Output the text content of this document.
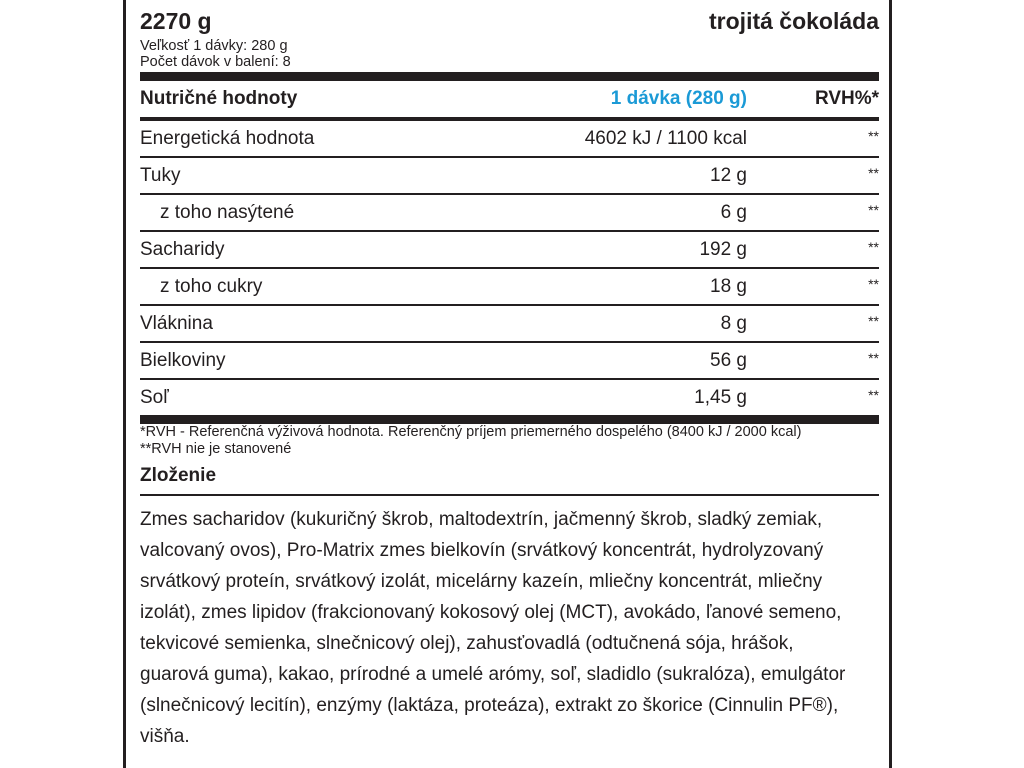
2270 g	trojitá čokoláda
Veľkosť 1 dávky: 280 g
Počet dávok v balení: 8
Nutričné hodnoty	1 dávka (280 g)	RVH%*
Energetická hodnota	4602 kJ / 1100 kcal	**
Tuky	12 g	**
z toho nasýtené	6 g	**
Sacharidy	192 g	**
z toho cukry	18 g	**
Vláknina	8 g	**
Bielkoviny	56 g	**
Soľ	1,45 g	**
*RVH - Referenčná výživová hodnota. Referenčný príjem priemerného dospelého (8400 kJ / 2000 kcal)
**RVH nie je stanovené
Zloženie
Zmes sacharidov (kukuričný škrob, maltodextrín, jačmenný škrob, sladký zemiak, valcovaný ovos), Pro-Matrix zmes bielkovín (srvátkový koncentrát, hydrolyzovaný srvátkový proteín, srvátkový izolát, micelárny kazeín, mliečny koncentrát, mliečny izolát), zmes lipidov (frakcionovaný kokosový olej (MCT), avokádo, ľanové semeno, tekvicové semienka, slnečnicový olej), zahusťovadlá (odtučnená sója, hrášok, guarová guma), kakao, prírodné a umelé arómy, soľ, sladidlo (sukralóza), emulgátor (slnečnicový lecitín), enzýmy (laktáza, proteáza), extrakt zo škorice (Cinnulin PF®), višňa.
